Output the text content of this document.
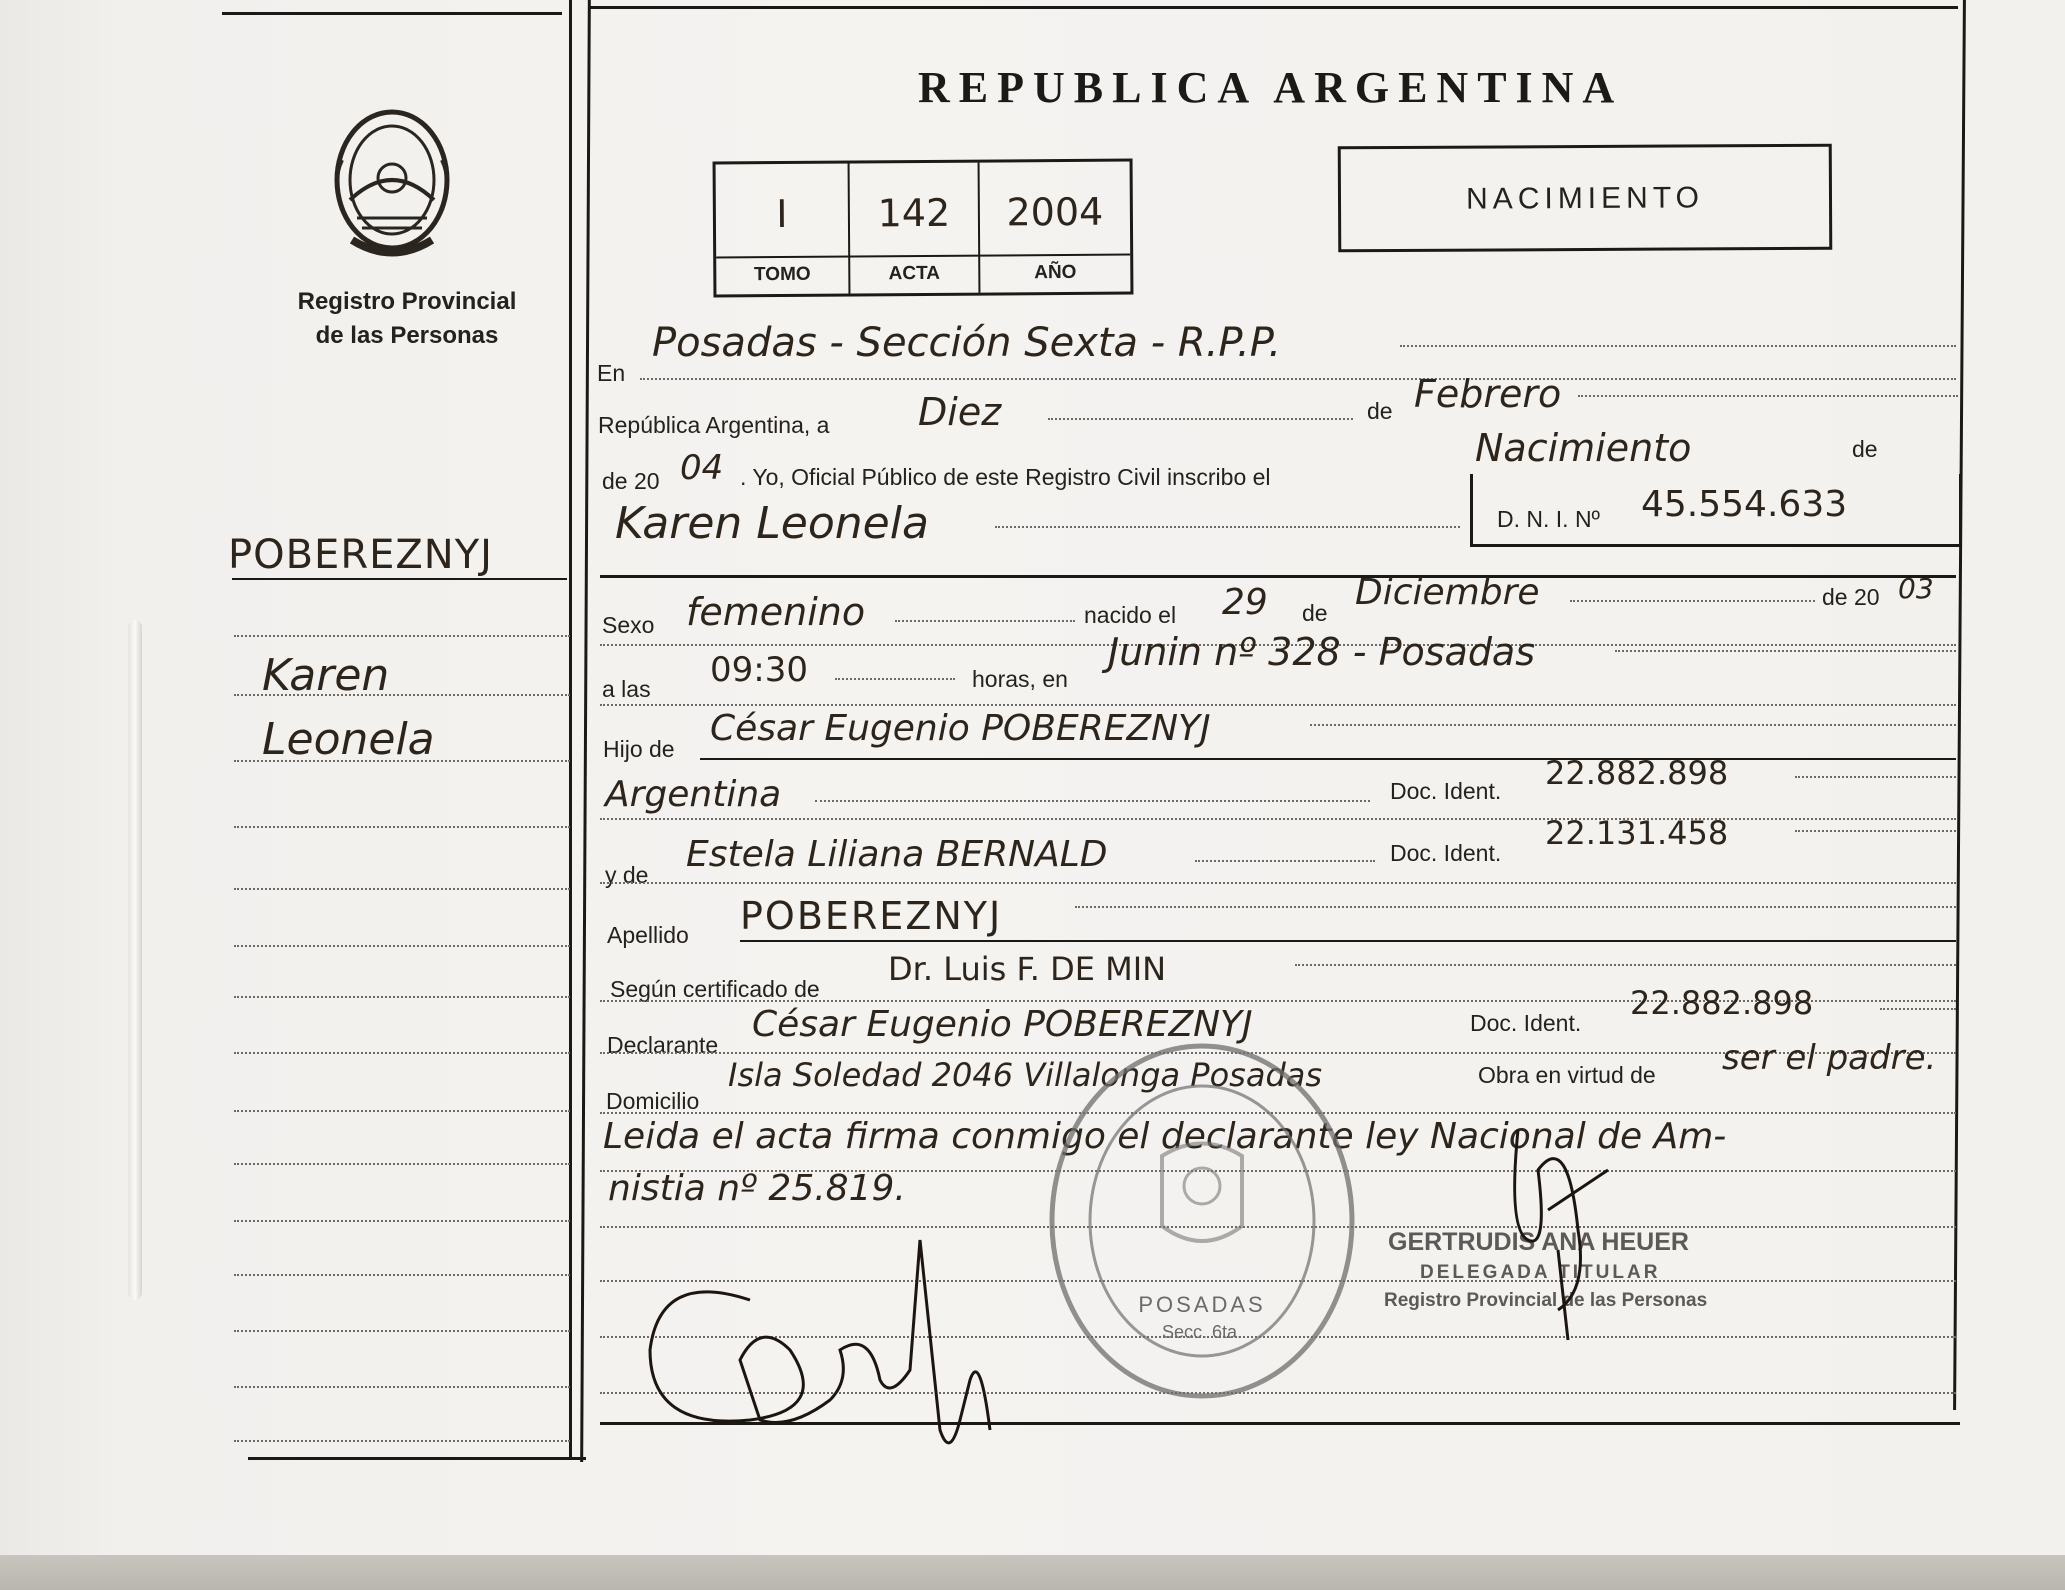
Registro Provincial
de las Personas
REPUBLICA ARGENTINA
I	142	2004
TOMO	ACTA	AÑO
NACIMIENTO
POBEREZNYJ
Karen
Leonela
En
Posadas - Sección Sexta - R.P.P.
República Argentina, a Diez	de Febrero
de 20 04 . Yo, Oficial Público de este Registro Civil inscribo el
Nacimiento	de
Karen Leonela	D. N. I. Nº 45.554.633
Sexo femenino	nacido el 29 de Diciembre	de 20 03
a las 09:30	horas, en
Junin nº 328 - Posadas
Hijo de César Eugenio POBEREZNYJ
Argentina	Doc. Ident. 22.882.898
y de Estela Liliana BERNALD	Doc. Ident.
22.131.458
Apellido POBEREZNYJ
Según certificado de
Dr. Luis F. DE MIN
Declarante César Eugenio POBEREZNYJ	Doc. Ident.
22.882.898
Domicilio
Isla Soledad 2046 Villalonga Posadas	Obra en virtud de ser el padre.
Leida el acta firma conmigo el declarante ley Nacional de Am-
nistia nº 25.819.
POSADAS
Secc. 6ta.
GERTRUDIS ANA HEUER
DELEGADA TITULAR
Registro Provincial de las Personas
